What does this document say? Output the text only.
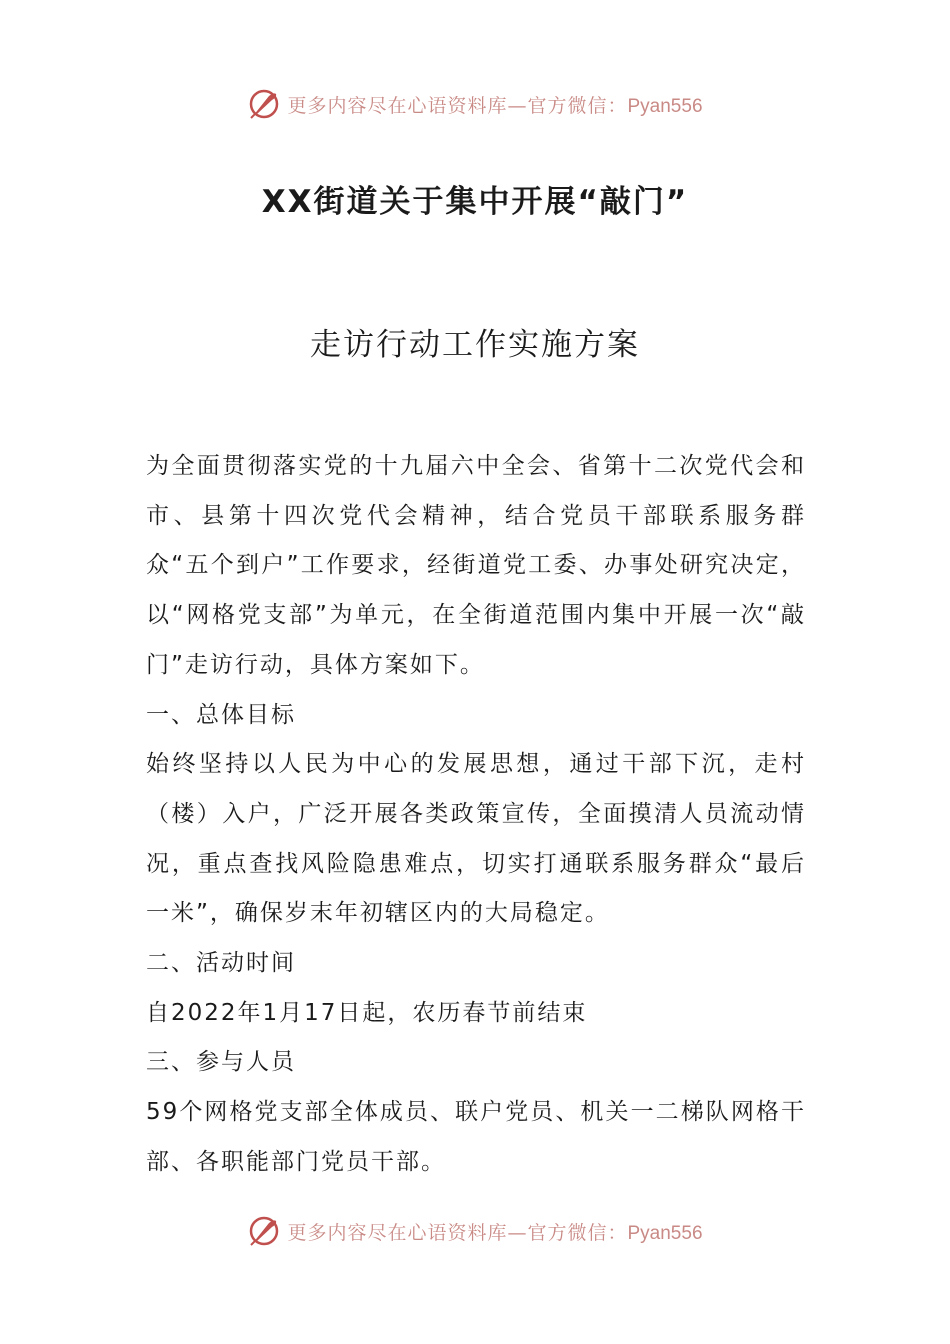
更多内容尽在心语资料库—官方微信：Pyan556
XX街道关于集中开展“敲门”
走访行动工作实施方案

为全面贯彻落实党的十九届六中全会、省第十二次党代会和市、县第十四次党代会精神，结合党员干部联系服务群众“五个到户”工作要求，经街道党工委、办事处研究决定，以“网格党支部”为单元，在全街道范围内集中开展一次“敲门”走访行动，具体方案如下。

一、总体目标

始终坚持以人民为中心的发展思想，通过干部下沉，走村（楼）入户，广泛开展各类政策宣传，全面摸清人员流动情况，重点查找风险隐患难点，切实打通联系服务群众“最后一米”，确保岁末年初辖区内的大局稳定。

二、活动时间

自2022年1月17日起，农历春节前结束

三、参与人员

59个网格党支部全体成员、联户党员、机关一二梯队网格干部、各职能部门党员干部。

更多内容尽在心语资料库—官方微信：Pyan556
